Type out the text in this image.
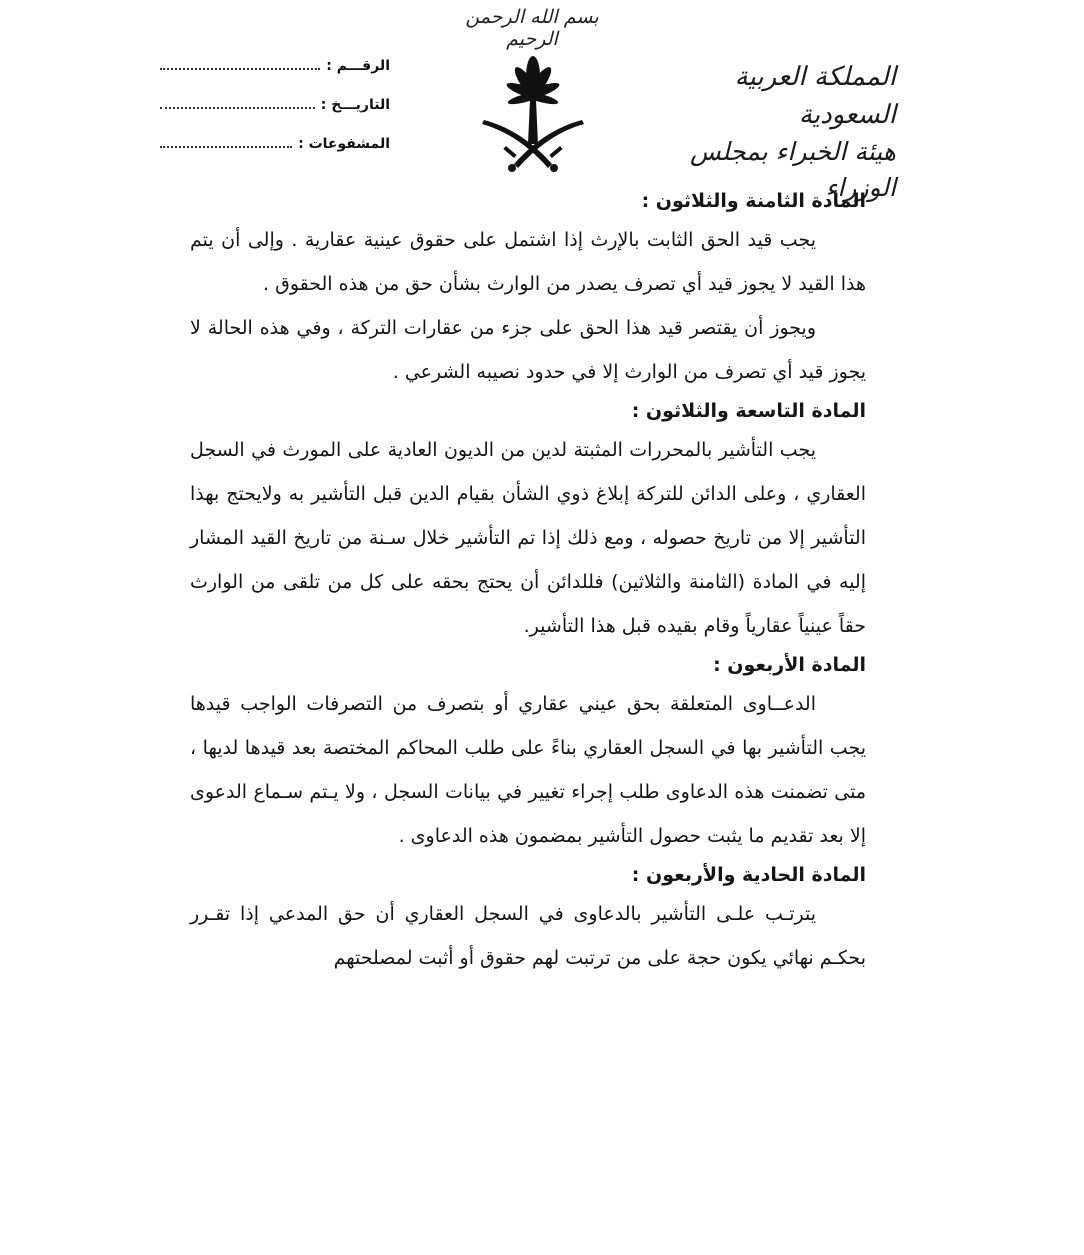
بسم الله الرحمن الرحيم
المملكة العربية السعودية
هيئة الخبراء بمجلس الوزراء
الرقـــم :
التاريـــخ :
المشفوعات :
المادة الثامنة والثلاثون :

يجب قيد الحق الثابت بالإرث إذا اشتمل على حقوق عينية عقارية . وإلى أن يتم هذا القيد لا يجوز قيد أي تصرف يصدر من الوارث بشأن حق من هذه الحقوق .

ويجوز أن يقتصر قيد هذا الحق على جزء من عقارات التركة ، وفي هذه الحالة لا يجوز قيد أي تصرف من الوارث إلا في حدود نصيبه الشرعي .

المادة التاسعة والثلاثون :

يجب التأشير بالمحررات المثبتة لدين من الديون العادية على المورث في السجل العقاري ، وعلى الدائن للتركة إبلاغ ذوي الشأن بقيام الدين قبل التأشير به ولايحتج بهذا التأشير إلا من تاريخ حصوله ، ومع ذلك إذا تم التأشير خلال سـنة من تاريخ القيد المشار إليه في المادة (الثامنة والثلاثين) فللدائن أن يحتج بحقه على كل من تلقى من الوارث حقاً عينياً عقارياً وقام بقيده قبل هذا التأشير.

المادة الأربعون :

الدعــاوى المتعلقة بحق عيني عقاري أو بتصرف من التصرفات الواجب قيدها يجب التأشير بها في السجل العقاري بناءً على طلب المحاكم المختصة بعد قيدها لديها ، متى تضمنت هذه الدعاوى طلب إجراء تغيير في بيانات السجل ، ولا يـتم سـماع الدعوى إلا بعد تقديم ما يثبت حصول التأشير بمضمون هذه الدعاوى .

المادة الحادية والأربعون :

يترتـب علـى التأشير بالدعاوى في السجل العقاري أن حق المدعي إذا تقـرر بحكـم نهائي يكون حجة على من ترتبت لهم حقوق أو أثبت لمصلحتهم
